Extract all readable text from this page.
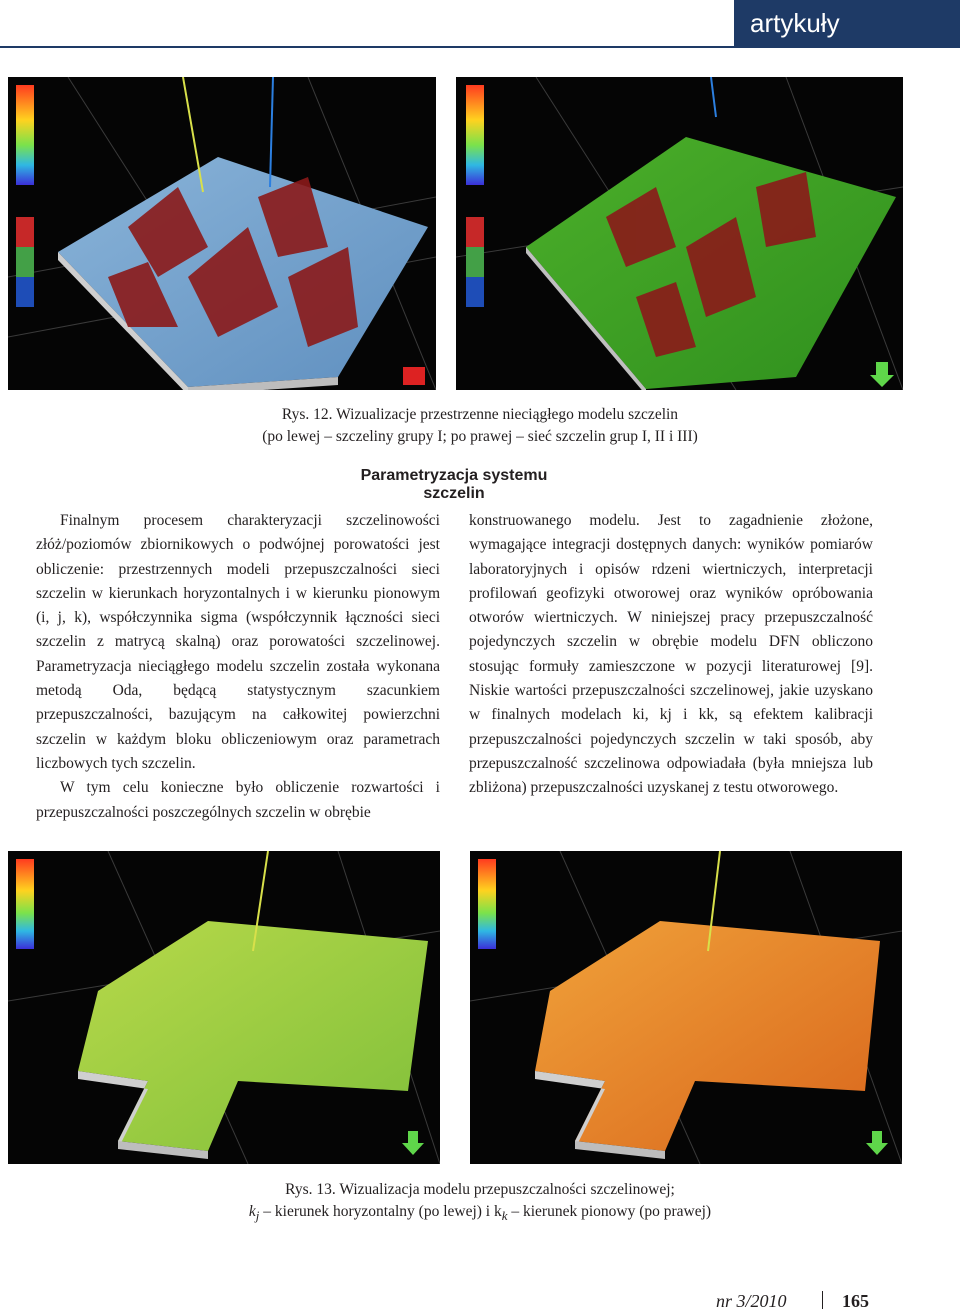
artykuły
Rys. 12. Wizualizacje przestrzenne nieciągłego modelu szczelin
(po lewej – szczeliny grupy I; po prawej – sieć szczelin grup I, II i III)
Parametryzacja systemu szczelin

Finalnym procesem charakteryzacji szczelinowości złóż/poziomów zbiornikowych o podwójnej porowatości jest obliczenie: przestrzennych modeli przepuszczalności sieci szczelin w kierunkach horyzontalnych i w kierunku pionowym (i, j, k), współczynnika sigma (współczynnik łączności sieci szczelin z matrycą skalną) oraz porowatości szczelinowej. Parametryzacja nieciągłego modelu szczelin została wykonana metodą Oda, będącą statystycznym szacunkiem przepuszczalności, bazującym na całkowitej powierzchni szczelin w każdym bloku obliczeniowym oraz parametrach liczbowych tych szczelin.

W tym celu konieczne było obliczenie rozwartości i przepuszczalności poszczególnych szczelin w obrębie

konstruowanego modelu. Jest to zagadnienie złożone, wymagające integracji dostępnych danych: wyników pomiarów laboratoryjnych i opisów rdzeni wiertniczych, interpretacji profilowań geofizyki otworowej oraz wyników opróbowania otworów wiertniczych. W niniejszej pracy przepuszczalność pojedynczych szczelin w obrębie modelu DFN obliczono stosując formuły zamieszczone w pozycji literaturowej [9]. Niskie wartości przepuszczalności szczelinowej, jakie uzyskano w finalnych modelach ki, kj i kk, są efektem kalibracji przepuszczalności pojedynczych szczelin w taki sposób, aby przepuszczalność szczelinowa odpowiadała (była mniejsza lub zbliżona) przepuszczalności uzyskanej z testu otworowego.

Rys. 13. Wizualizacja modelu przepuszczalności szczelinowej;
$k_j$ – kierunek horyzontalny (po lewej) i $k_k$ – kierunek pionowy (po prawej)
nr 3/2010	165
